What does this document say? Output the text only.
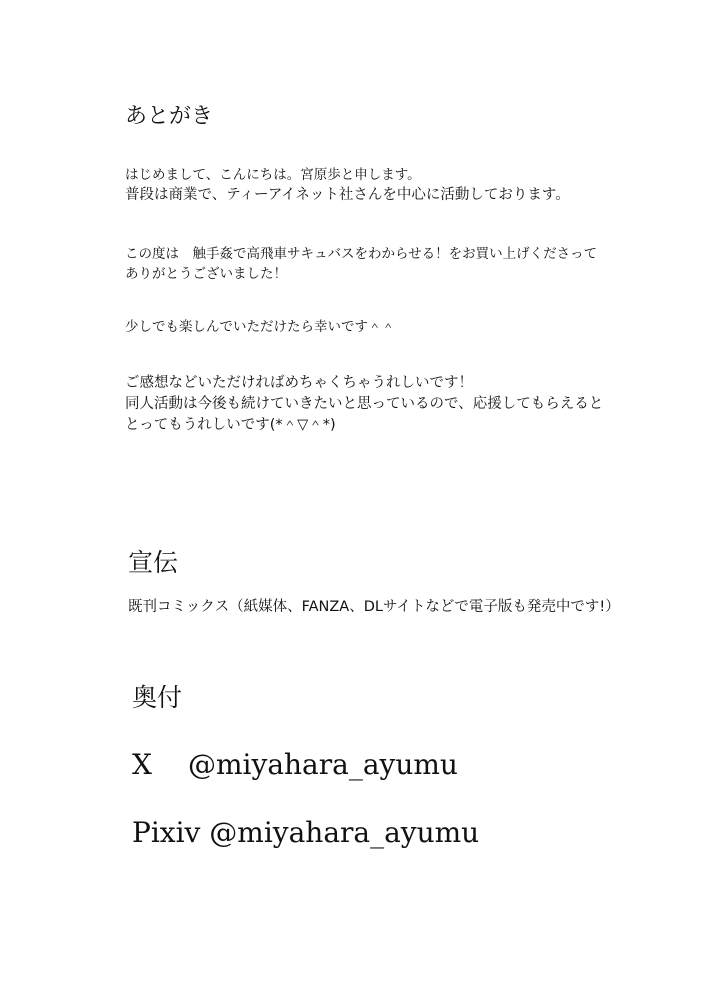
あとがき
はじめまして、こんにちは。宮原歩と申します。
普段は商業で、ティーアイネット社さんを中心に活動しております。
この度は　触手姦で高飛車サキュバスをわからせる！をお買い上げくださって
ありがとうございました！
少しでも楽しんでいただけたら幸いです＾＾
ご感想などいただければめちゃくちゃうれしいです！
同人活動は今後も続けていきたいと思っているので、応援してもらえると
とってもうれしいです(*＾▽＾*)
宣伝
既刊コミックス（紙媒体、FANZA、DLサイトなどで電子版も発売中です!）
奥付
X @miyahara_ayumu
Pixiv @miyahara_ayumu
